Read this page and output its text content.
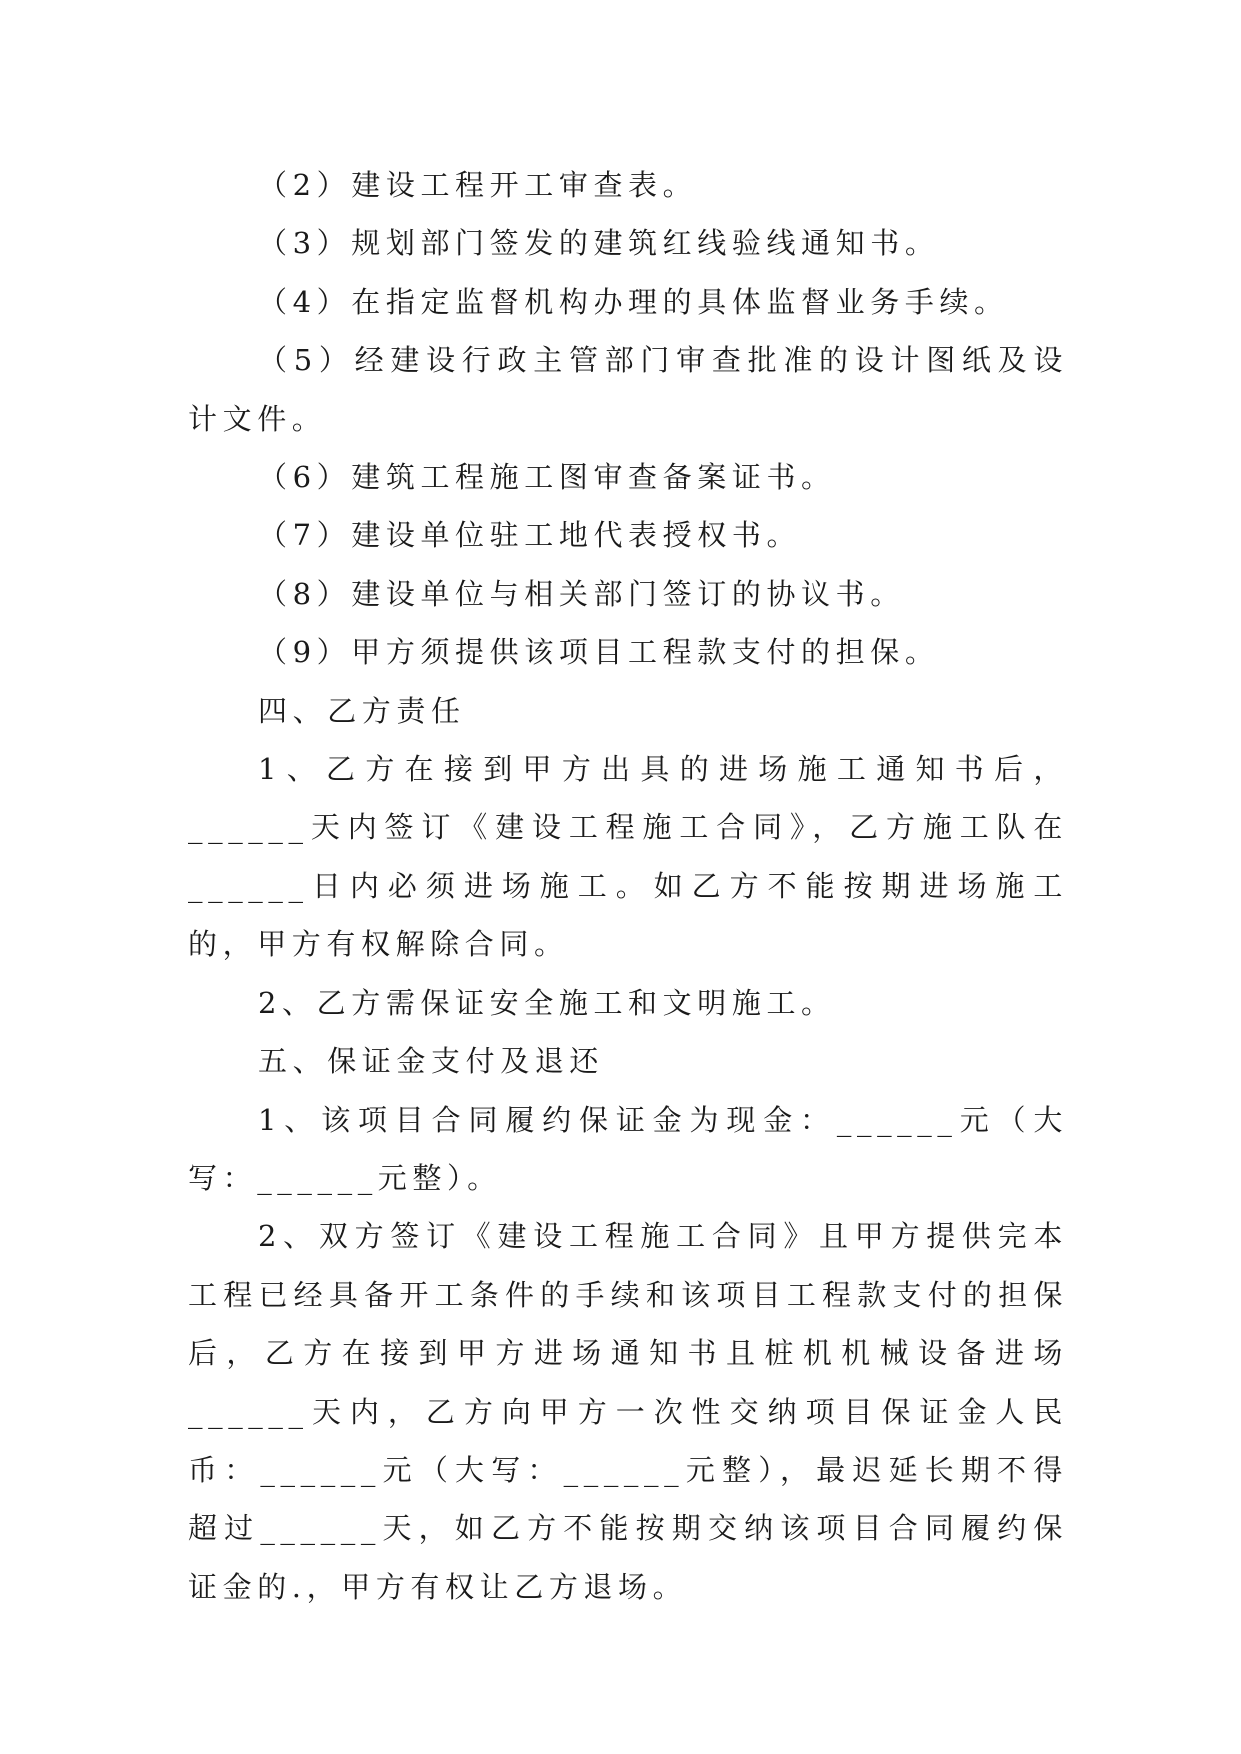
（2）建设工程开工审查表。

（3）规划部门签发的建筑红线验线通知书。

（4）在指定监督机构办理的具体监督业务手续。

（5）经建设行政主管部门审查批准的设计图纸及设计文件。

（6）建筑工程施工图审查备案证书。

（7）建设单位驻工地代表授权书。

（8）建设单位与相关部门签订的协议书。

（9）甲方须提供该项目工程款支付的担保。

四、乙方责任

1、乙方在接到甲方出具的进场施工通知书后，______天内签订《建设工程施工合同》，乙方施工队在______日内必须进场施工。如乙方不能按期进场施工的，甲方有权解除合同。

2、乙方需保证安全施工和文明施工。

五、保证金支付及退还

1、该项目合同履约保证金为现金：______元（大写：______元整）。

2、双方签订《建设工程施工合同》且甲方提供完本工程已经具备开工条件的手续和该项目工程款支付的担保后，乙方在接到甲方进场通知书且桩机机械设备进场______天内，乙方向甲方一次性交纳项目保证金人民币：______元（大写：______元整），最迟延长期不得超过______天，如乙方不能按期交纳该项目合同履约保证金的.，甲方有权让乙方退场。
